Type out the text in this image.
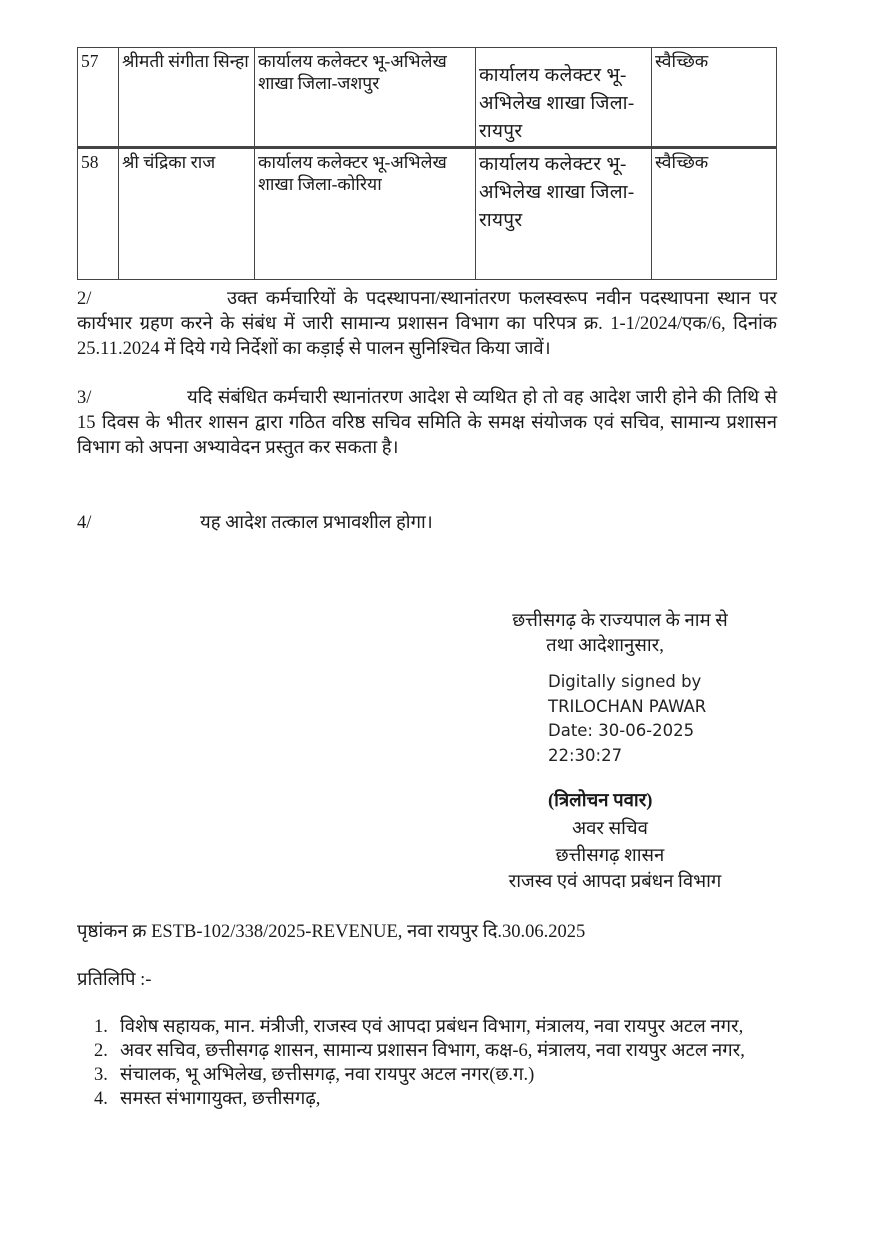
57	श्रीमती संगीता सिन्हा	कार्यालय कलेक्टर भू-अभिलेख शाखा जिला-जशपुर	कार्यालय कलेक्टर भू-अभिलेख शाखा जिला-रायपुर	स्वैच्छिक
58	श्री चंद्रिका राज	कार्यालय कलेक्टर भू-अभिलेख शाखा जिला-कोरिया	कार्यालय कलेक्टर भू-अभिलेख शाखा जिला-रायपुर	स्वैच्छिक
2/	उक्त कर्मचारियों के पदस्थापना/स्थानांतरण फलस्वरूप नवीन पदस्थापना स्थान पर कार्यभार ग्रहण करने के संबंध में जारी सामान्य प्रशासन विभाग का परिपत्र क्र. 1-1/2024/एक/6, दिनांक 25.11.2024 में दिये गये निर्देशों का कड़ाई से पालन सुनिश्चित किया जावें।
3/	यदि संबंधित कर्मचारी स्थानांतरण आदेश से व्यथित हो तो वह आदेश जारी होने की तिथि से 15 दिवस के भीतर शासन द्वारा गठित वरिष्ठ सचिव समिति के समक्ष संयोजक एवं सचिव, सामान्य प्रशासन विभाग को अपना अभ्यावेदन प्रस्तुत कर सकता है।
4/	यह आदेश तत्काल प्रभावशील होगा।
छत्तीसगढ़ के राज्यपाल के नाम से
तथा आदेशानुसार,
Digitally signed by
TRILOCHAN PAWAR
Date: 30-06-2025
22:30:27
(त्रिलोचन पवार)
अवर सचिव
छत्तीसगढ़ शासन
राजस्व एवं आपदा प्रबंधन विभाग
पृष्ठांकन क्र ESTB-102/338/2025-REVENUE, नवा रायपुर दि.30.06.2025
प्रतिलिपि :-
1. विशेष सहायक, मान. मंत्रीजी, राजस्व एवं आपदा प्रबंधन विभाग, मंत्रालय, नवा रायपुर अटल नगर,
2. अवर सचिव, छत्तीसगढ़ शासन, सामान्य प्रशासन विभाग, कक्ष-6, मंत्रालय, नवा रायपुर अटल नगर,
3. संचालक, भू अभिलेख, छत्तीसगढ़, नवा रायपुर अटल नगर(छ.ग.)
4. समस्त संभागायुक्त, छत्तीसगढ़,
